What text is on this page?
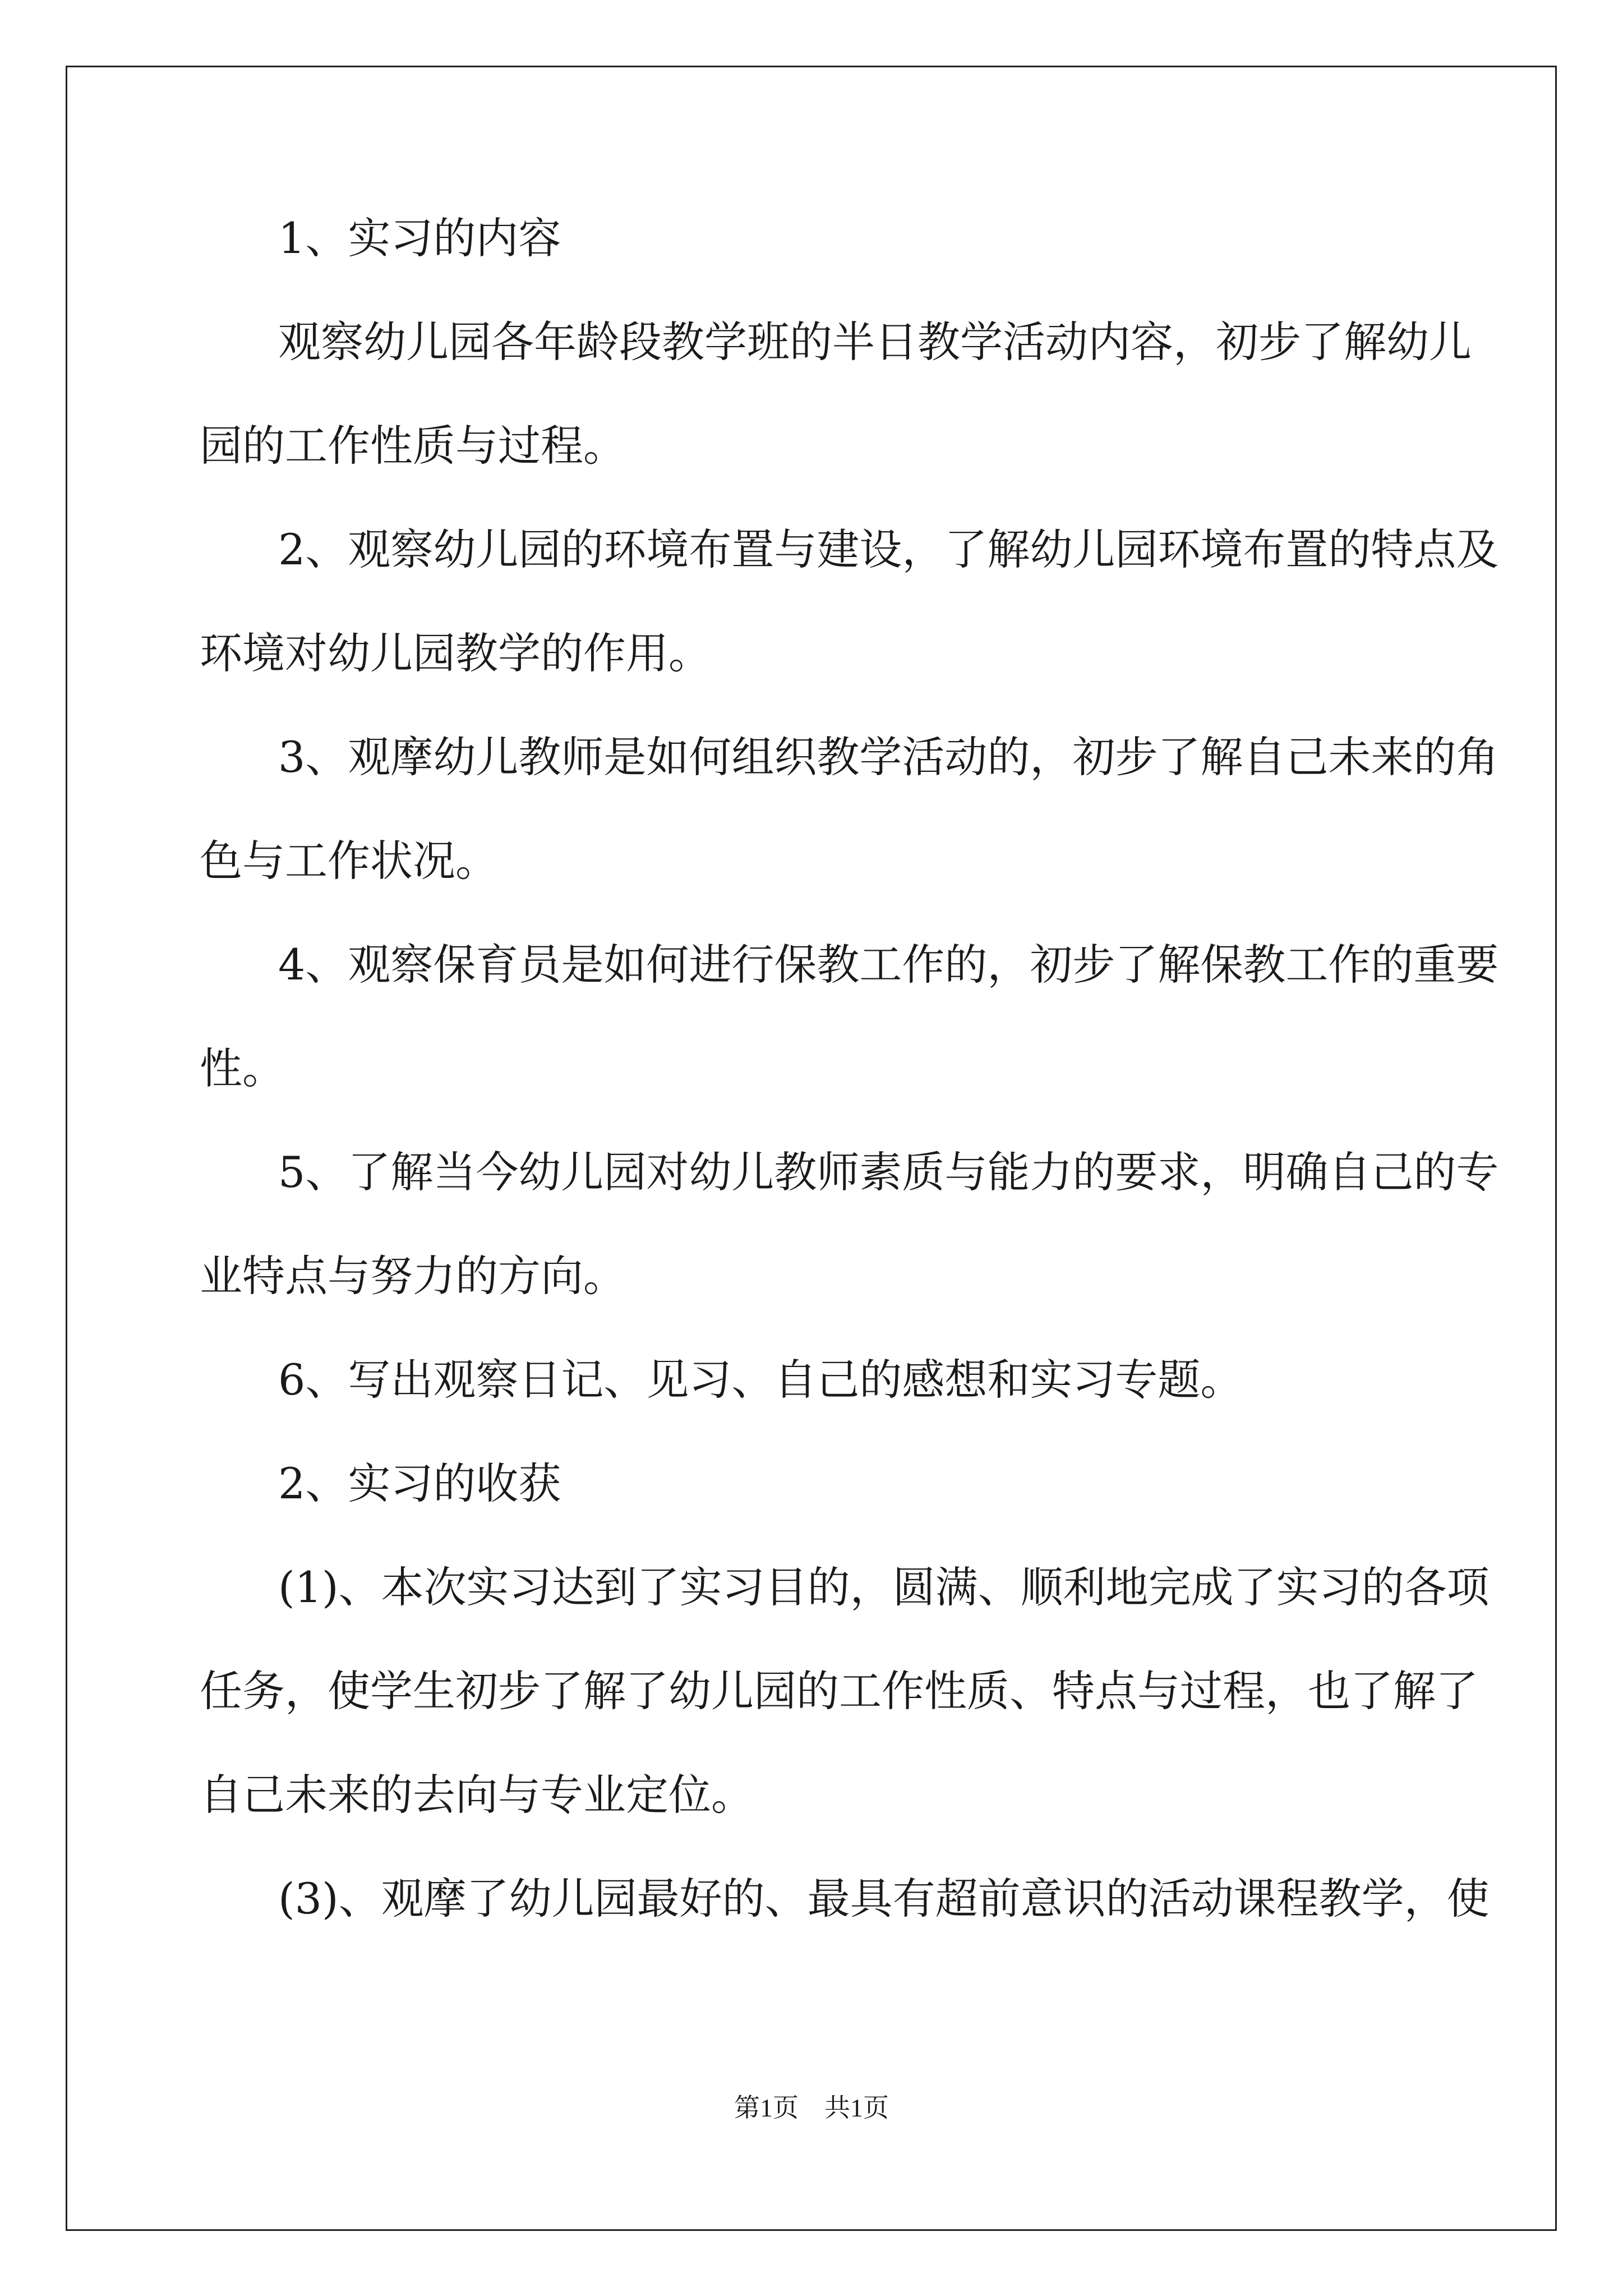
1、实习的内容
观察幼儿园各年龄段教学班的半日教学活动内容，初步了解幼儿
园的工作性质与过程。
2、观察幼儿园的环境布置与建设，了解幼儿园环境布置的特点及
环境对幼儿园教学的作用。
3、观摩幼儿教师是如何组织教学活动的，初步了解自己未来的角
色与工作状况。
4、观察保育员是如何进行保教工作的，初步了解保教工作的重要
性。
5、了解当今幼儿园对幼儿教师素质与能力的要求，明确自己的专
业特点与努力的方向。
6、写出观察日记、见习、自己的感想和实习专题。
2、实习的收获
(1)、本次实习达到了实习目的，圆满、顺利地完成了实习的各项
任务，使学生初步了解了幼儿园的工作性质、特点与过程，也了解了
自己未来的去向与专业定位。
(3)、观摩了幼儿园最好的、最具有超前意识的活动课程教学，使
第1页　共1页
